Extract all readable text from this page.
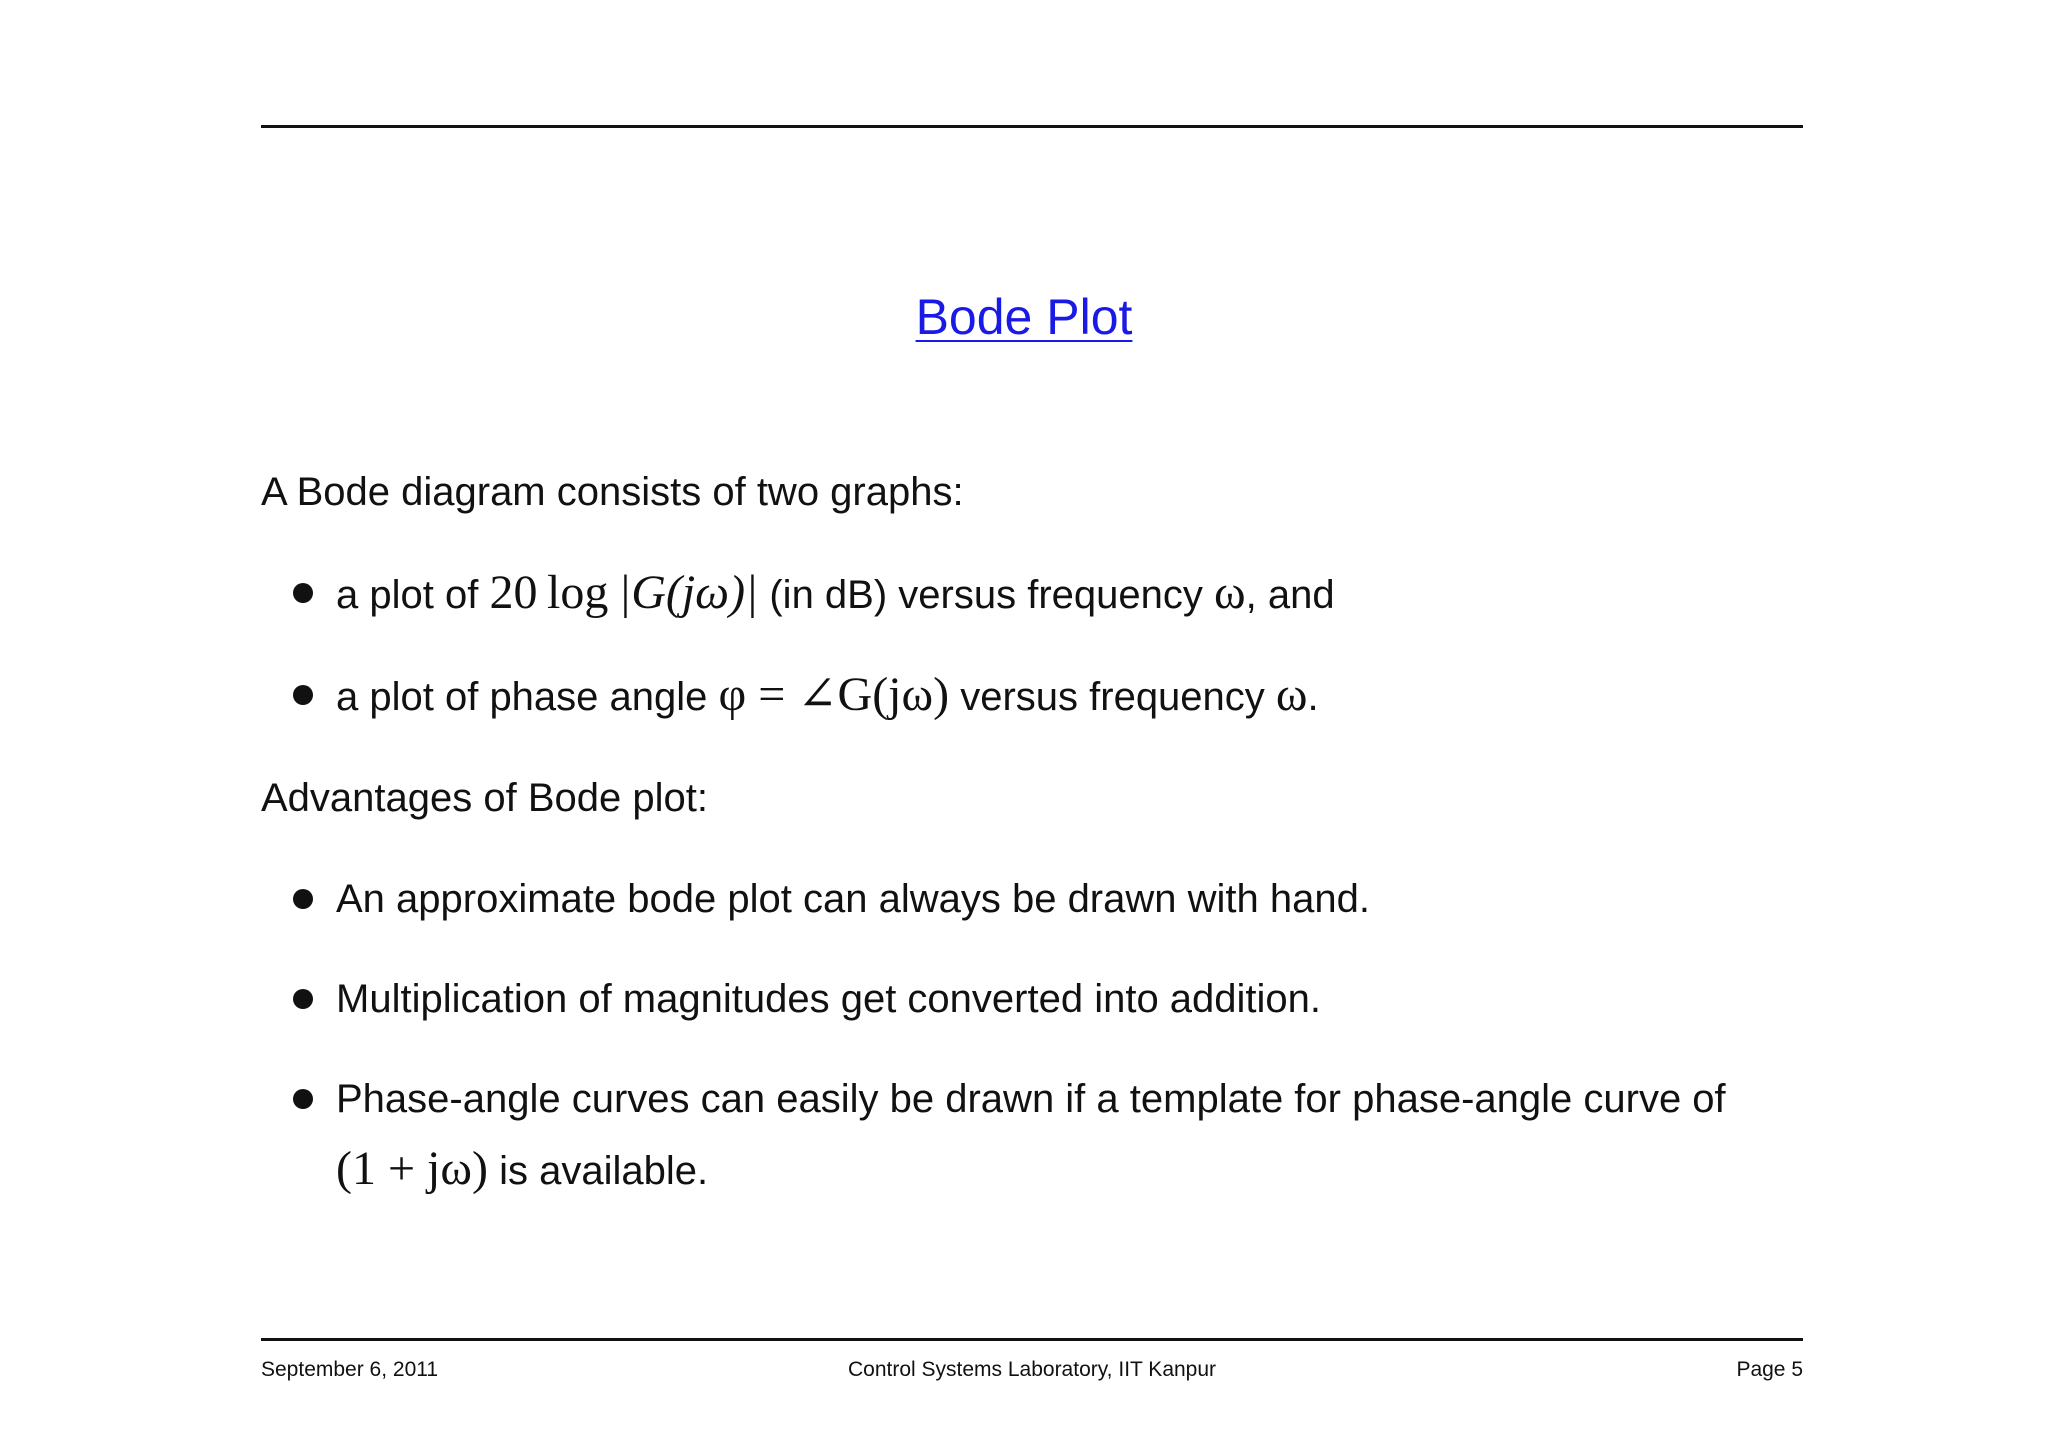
Bode Plot

A Bode diagram consists of two graphs:

a plot of 20  log  |G(jω)| (in dB) versus frequency ω, and
a plot of phase angle φ = ∠G(jω) versus frequency ω.

Advantages of Bode plot:

An approximate bode plot can always be drawn with hand.
Multiplication of magnitudes get converted into addition.
Phase-angle curves can easily be drawn if a template for phase-angle curve of
(1 + jω) is available.
September 6, 2011	Control Systems Laboratory, IIT Kanpur	Page 5
